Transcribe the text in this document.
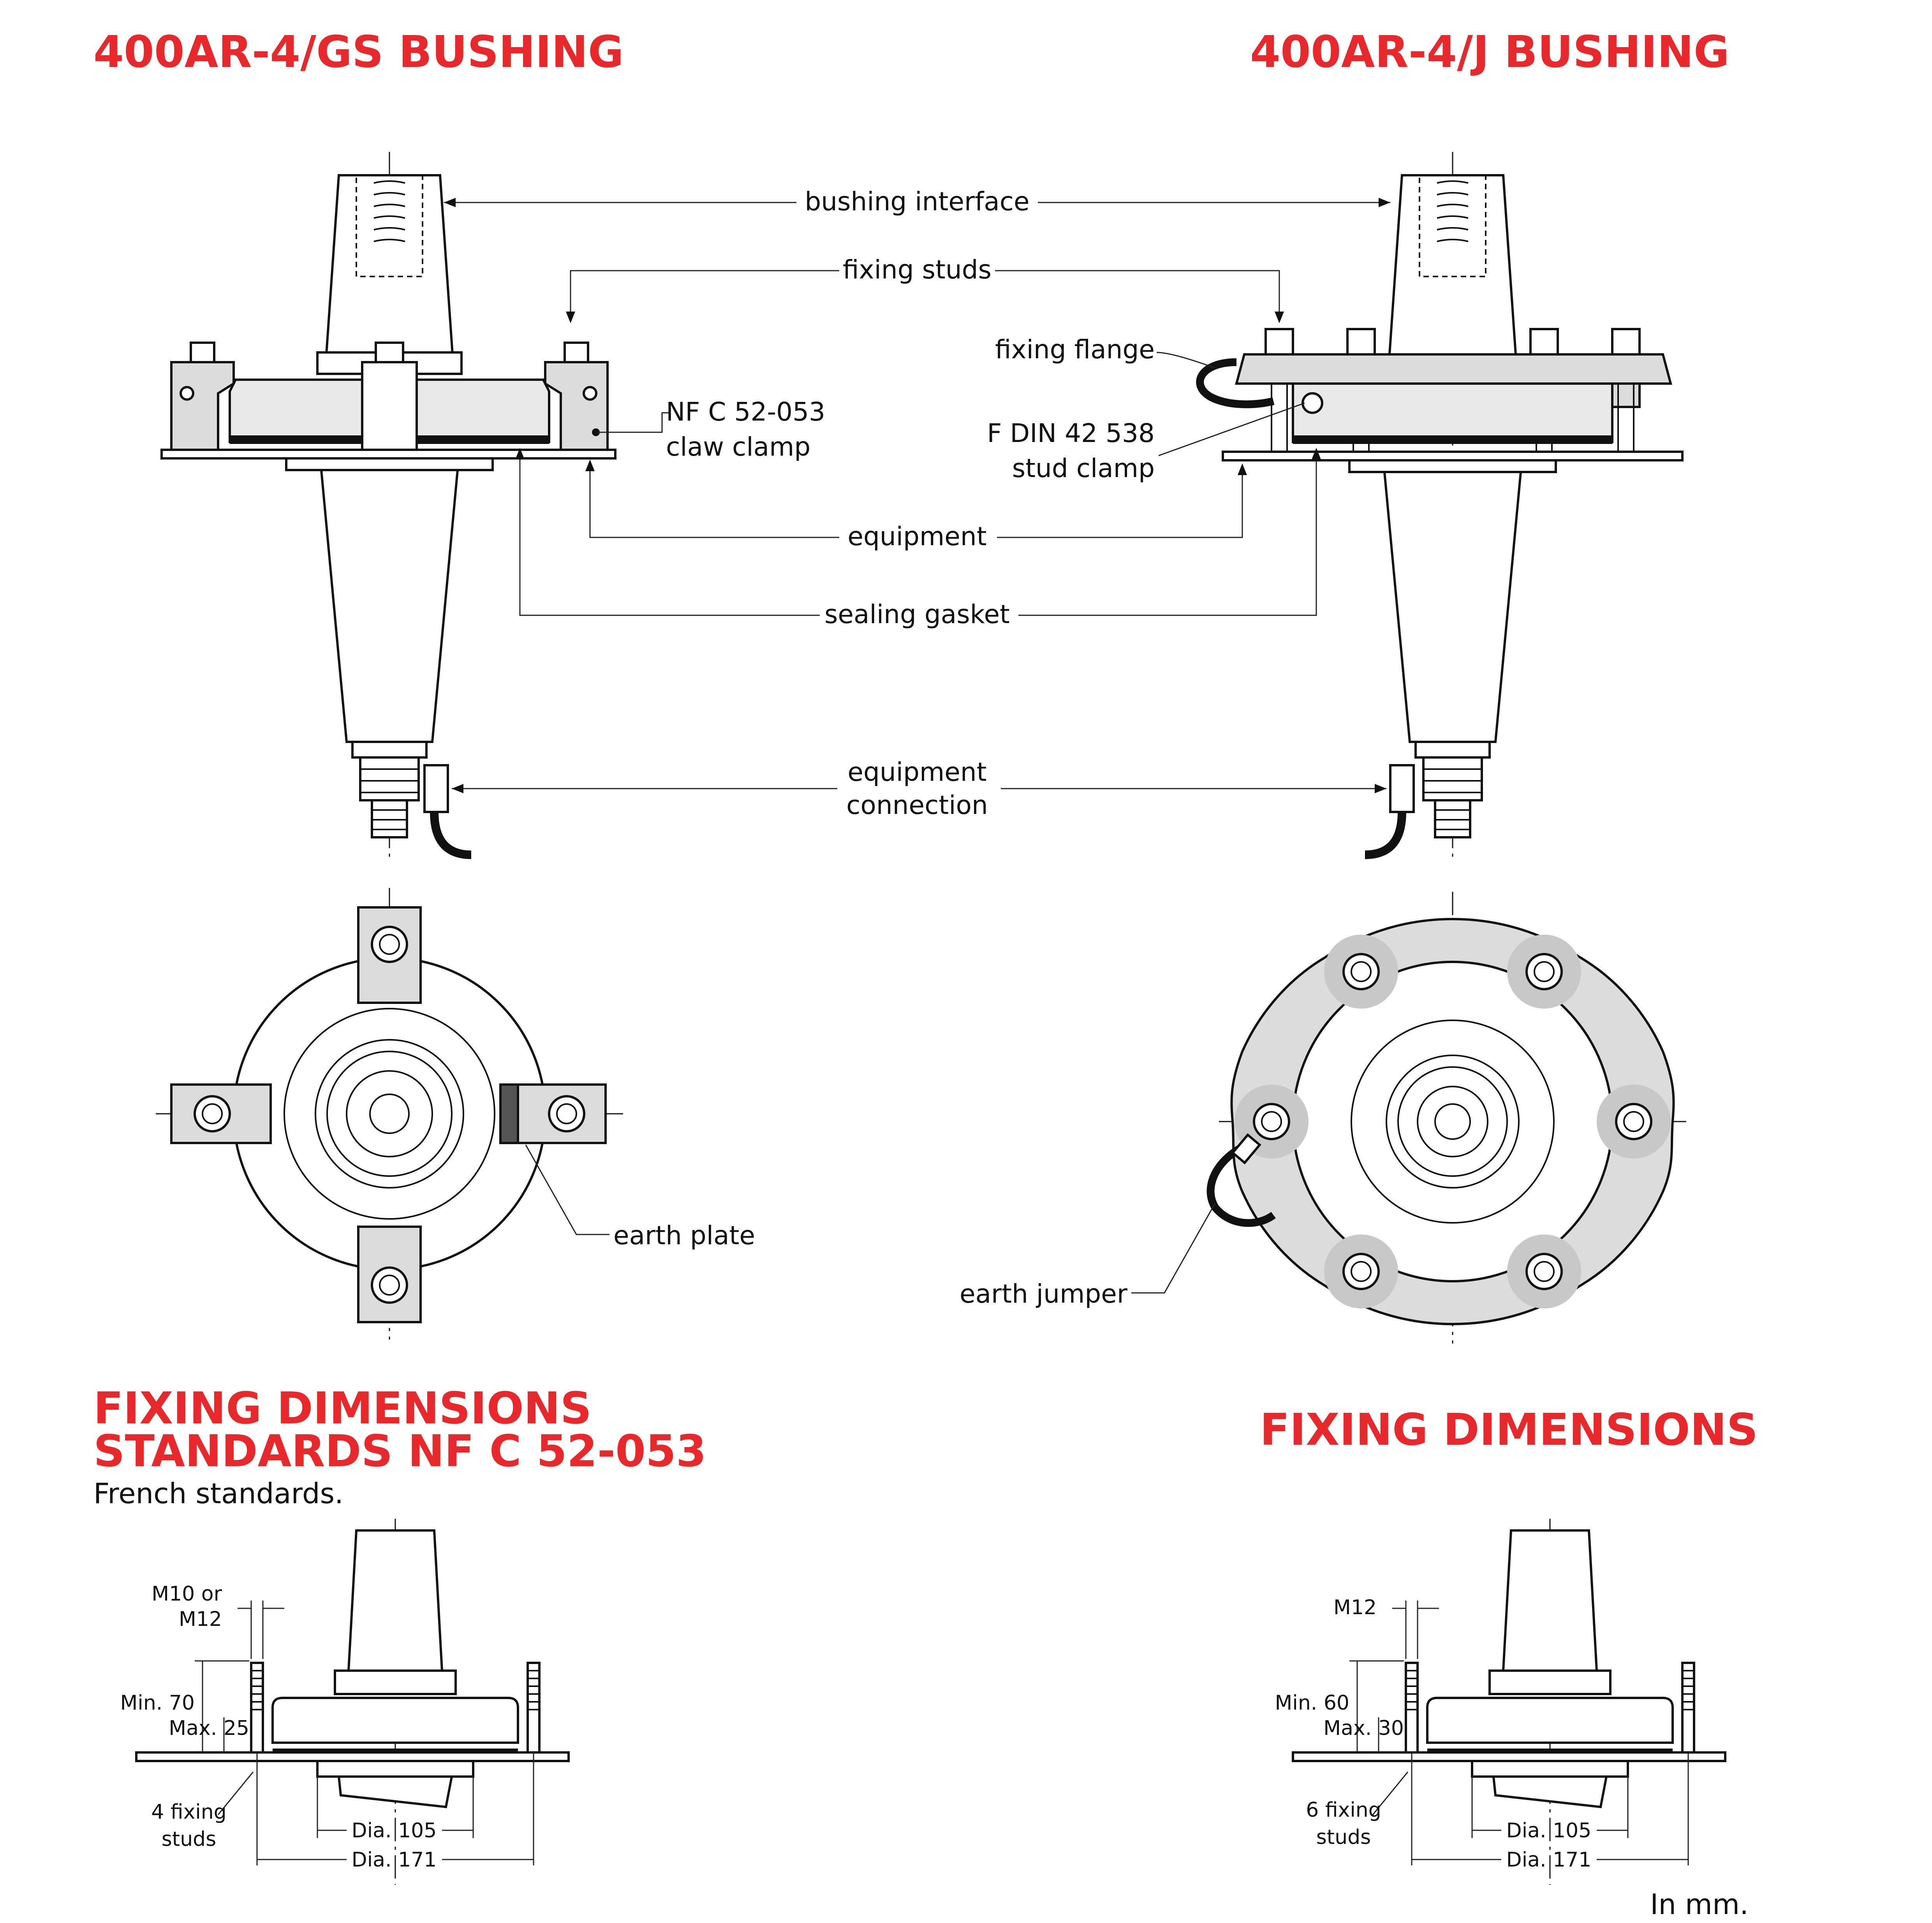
400AR-4/GS BUSHING	400AR-4/J BUSHING
bushing interface
fixing studs
fixing flange
NF C 52-053
claw clamp	F DIN 42 538
stud clamp
equipment
sealing gasket
equipment
connection
earth plate
earth jumper
FIXING DIMENSIONS
STANDARDS NF C 52-053
French standards.
FIXING DIMENSIONS
M10 or
M12
Min. 70
Max. 25
4 fixing
studs	Dia. 105
Dia. 171
M12
Min. 60
Max. 30
6 fixing
studs	Dia. 105
Dia. 171
In mm.
